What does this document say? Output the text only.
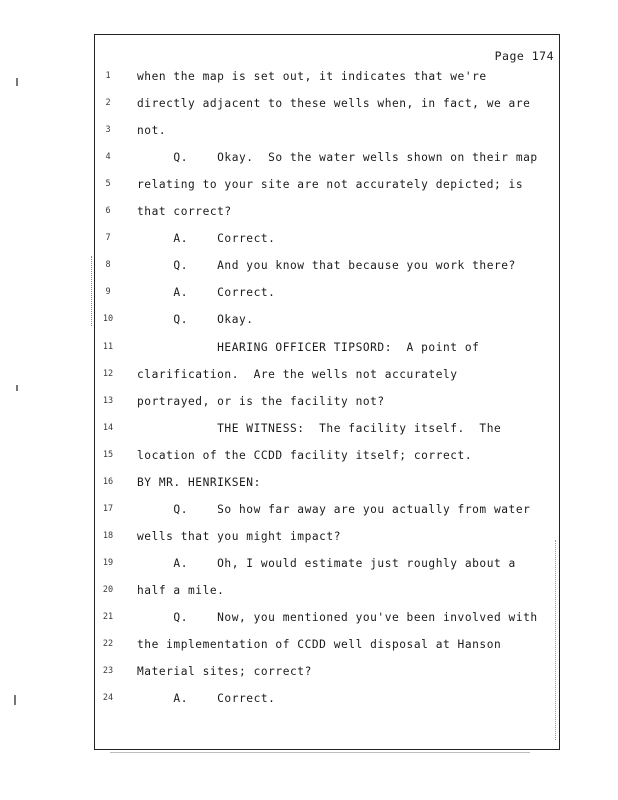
Page 174
1	when the map is set out, it indicates that we're
2	directly adjacent to these wells when, in fact, we are
3	not.
4	Q.    Okay.  So the water wells shown on their map
5	relating to your site are not accurately depicted; is
6	that correct?
7	A.    Correct.
8	Q.    And you know that because you work there?
9	A.    Correct.
10	Q.    Okay.
11	HEARING OFFICER TIPSORD:  A point of
12	clarification.  Are the wells not accurately
13	portrayed, or is the facility not?
14	THE WITNESS:  The facility itself.  The
15	location of the CCDD facility itself; correct.
16	BY MR. HENRIKSEN:
17	Q.    So how far away are you actually from water
18	wells that you might impact?
19	A.    Oh, I would estimate just roughly about a
20	half a mile.
21	Q.    Now, you mentioned you've been involved with
22	the implementation of CCDD well disposal at Hanson
23	Material sites; correct?
24	A.    Correct.
